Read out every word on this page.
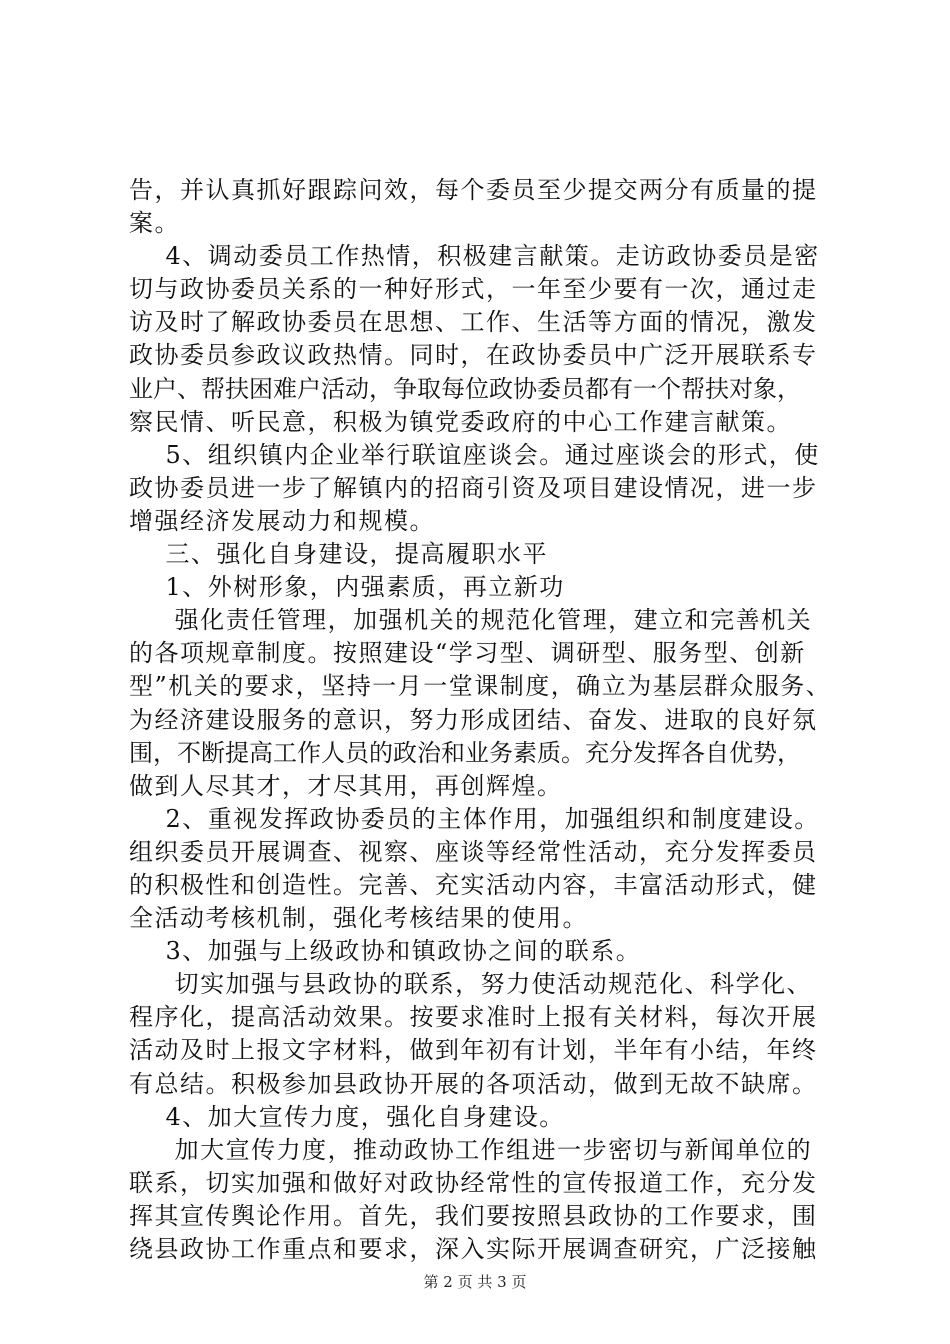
告，并认真抓好跟踪问效，每个委员至少提交两分有质量的提
案。
4、调动委员工作热情，积极建言献策。走访政协委员是密
切与政协委员关系的一种好形式，一年至少要有一次，通过走
访及时了解政协委员在思想、工作、生活等方面的情况，激发
政协委员参政议政热情。同时，在政协委员中广泛开展联系专
业户、帮扶困难户活动，争取每位政协委员都有一个帮扶对象，
察民情、听民意，积极为镇党委政府的中心工作建言献策。
5、组织镇内企业举行联谊座谈会。通过座谈会的形式，使
政协委员进一步了解镇内的招商引资及项目建设情况，进一步
增强经济发展动力和规模。
三、强化自身建设，提高履职水平
1、外树形象，内强素质，再立新功
强化责任管理，加强机关的规范化管理，建立和完善机关
的各项规章制度。按照建设“学习型、调研型、服务型、创新
型”机关的要求，坚持一月一堂课制度，确立为基层群众服务、
为经济建设服务的意识，努力形成团结、奋发、进取的良好氛
围，不断提高工作人员的政治和业务素质。充分发挥各自优势，
做到人尽其才，才尽其用，再创辉煌。
2、重视发挥政协委员的主体作用，加强组织和制度建设。
组织委员开展调查、视察、座谈等经常性活动，充分发挥委员
的积极性和创造性。完善、充实活动内容，丰富活动形式，健
全活动考核机制，强化考核结果的使用。
3、加强与上级政协和镇政协之间的联系。
切实加强与县政协的联系，努力使活动规范化、科学化、
程序化，提高活动效果。按要求准时上报有关材料，每次开展
活动及时上报文字材料，做到年初有计划，半年有小结，年终
有总结。积极参加县政协开展的各项活动，做到无故不缺席。
4、加大宣传力度，强化自身建设。
加大宣传力度，推动政协工作组进一步密切与新闻单位的
联系，切实加强和做好对政协经常性的宣传报道工作，充分发
挥其宣传舆论作用。首先，我们要按照县政协的工作要求，围
绕县政协工作重点和要求，深入实际开展调查研究，广泛接触
第 2 页 共 3 页
